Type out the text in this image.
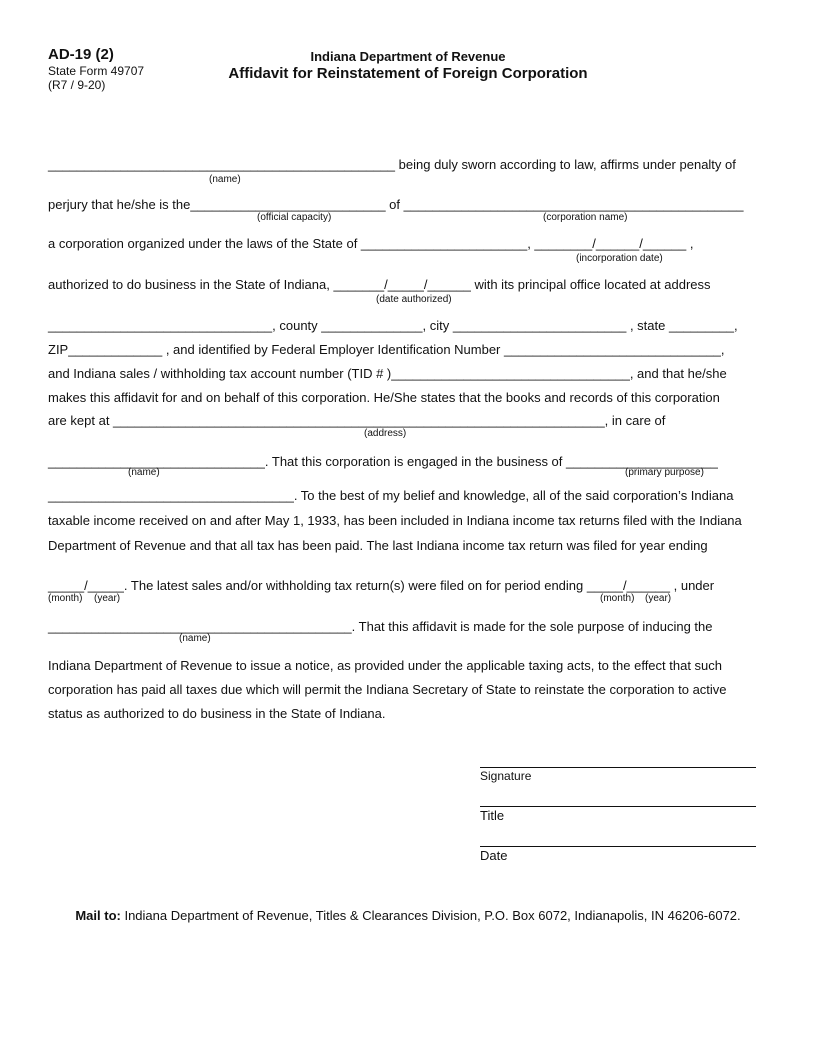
AD-19 (2)
State Form 49707
(R7 / 9-20)
Indiana Department of Revenue
Affidavit for Reinstatement of Foreign Corporation
________________________________________________ being duly sworn according to law, affirms under penalty of
(name)
perjury that he/she is the___________________________ of _______________________________________________
(official capacity)	(corporation name)
a corporation organized under the laws of the State of _______________________, ________/______/______ ,
(incorporation date)
authorized to do business in the State of Indiana, _______/_____/______ with its principal office located at address
(date authorized)
_______________________________, county ______________, city ________________________ , state _________,
ZIP_____________ , and identified by Federal Employer Identification Number ______________________________,
and Indiana sales / withholding tax account number (TID # )_________________________________, and that he/she
makes this affidavit for and on behalf of this corporation. He/She states that the books and records of this corporation
are kept at ____________________________________________________________________, in care of
(address)
______________________________. That this corporation is engaged in the business of _____________________
(name)	(primary purpose)
__________________________________. To the best of my belief and knowledge, all of the said corporation’s Indiana
taxable income received on and after May 1, 1933, has been included in Indiana income tax returns filed with the Indiana
Department of Revenue and that all tax has been paid. The last Indiana income tax return was filed for year ending
_____/_____. The latest sales and/or withholding tax return(s) were filed on for period ending _____/______ , under
(month) (year)	(month) (year)
__________________________________________. That this affidavit is made for the sole purpose of inducing the
(name)
Indiana Department of Revenue to issue a notice, as provided under the applicable taxing acts, to the effect that such
corporation has paid all taxes due which will permit the Indiana Secretary of State to reinstate the corporation to active
status as authorized to do business in the State of Indiana.
Signature
Title
Date
Mail to: Indiana Department of Revenue, Titles & Clearances Division, P.O. Box 6072, Indianapolis, IN 46206-6072.
